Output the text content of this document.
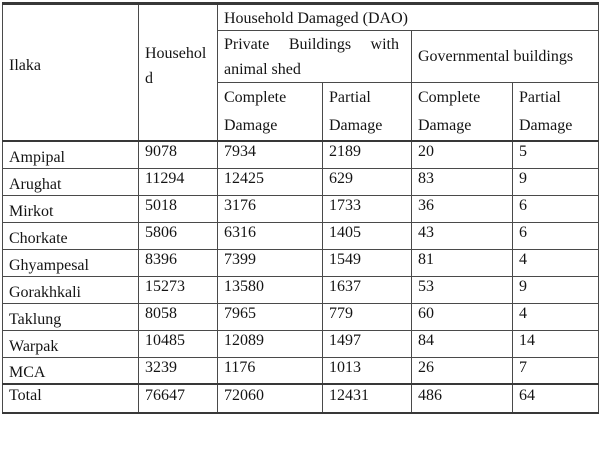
Ilaka	Household	Household Damaged (DAO)			
		Private Buildings with animal shed		Governmental buildings	
		Complete Damage	Partial Damage	Complete Damage	Partial Damage
Ampipal	9078	7934	2189	20	5
Arughat	11294	12425	629	83	9
Mirkot	5018	3176	1733	36	6
Chorkate	5806	6316	1405	43	6
Ghyampesal	8396	7399	1549	81	4
Gorakhkali	15273	13580	1637	53	9
Taklung	8058	7965	779	60	4
Warpak	10485	12089	1497	84	14
MCA	3239	1176	1013	26	7
Total	76647	72060	12431	486	64
